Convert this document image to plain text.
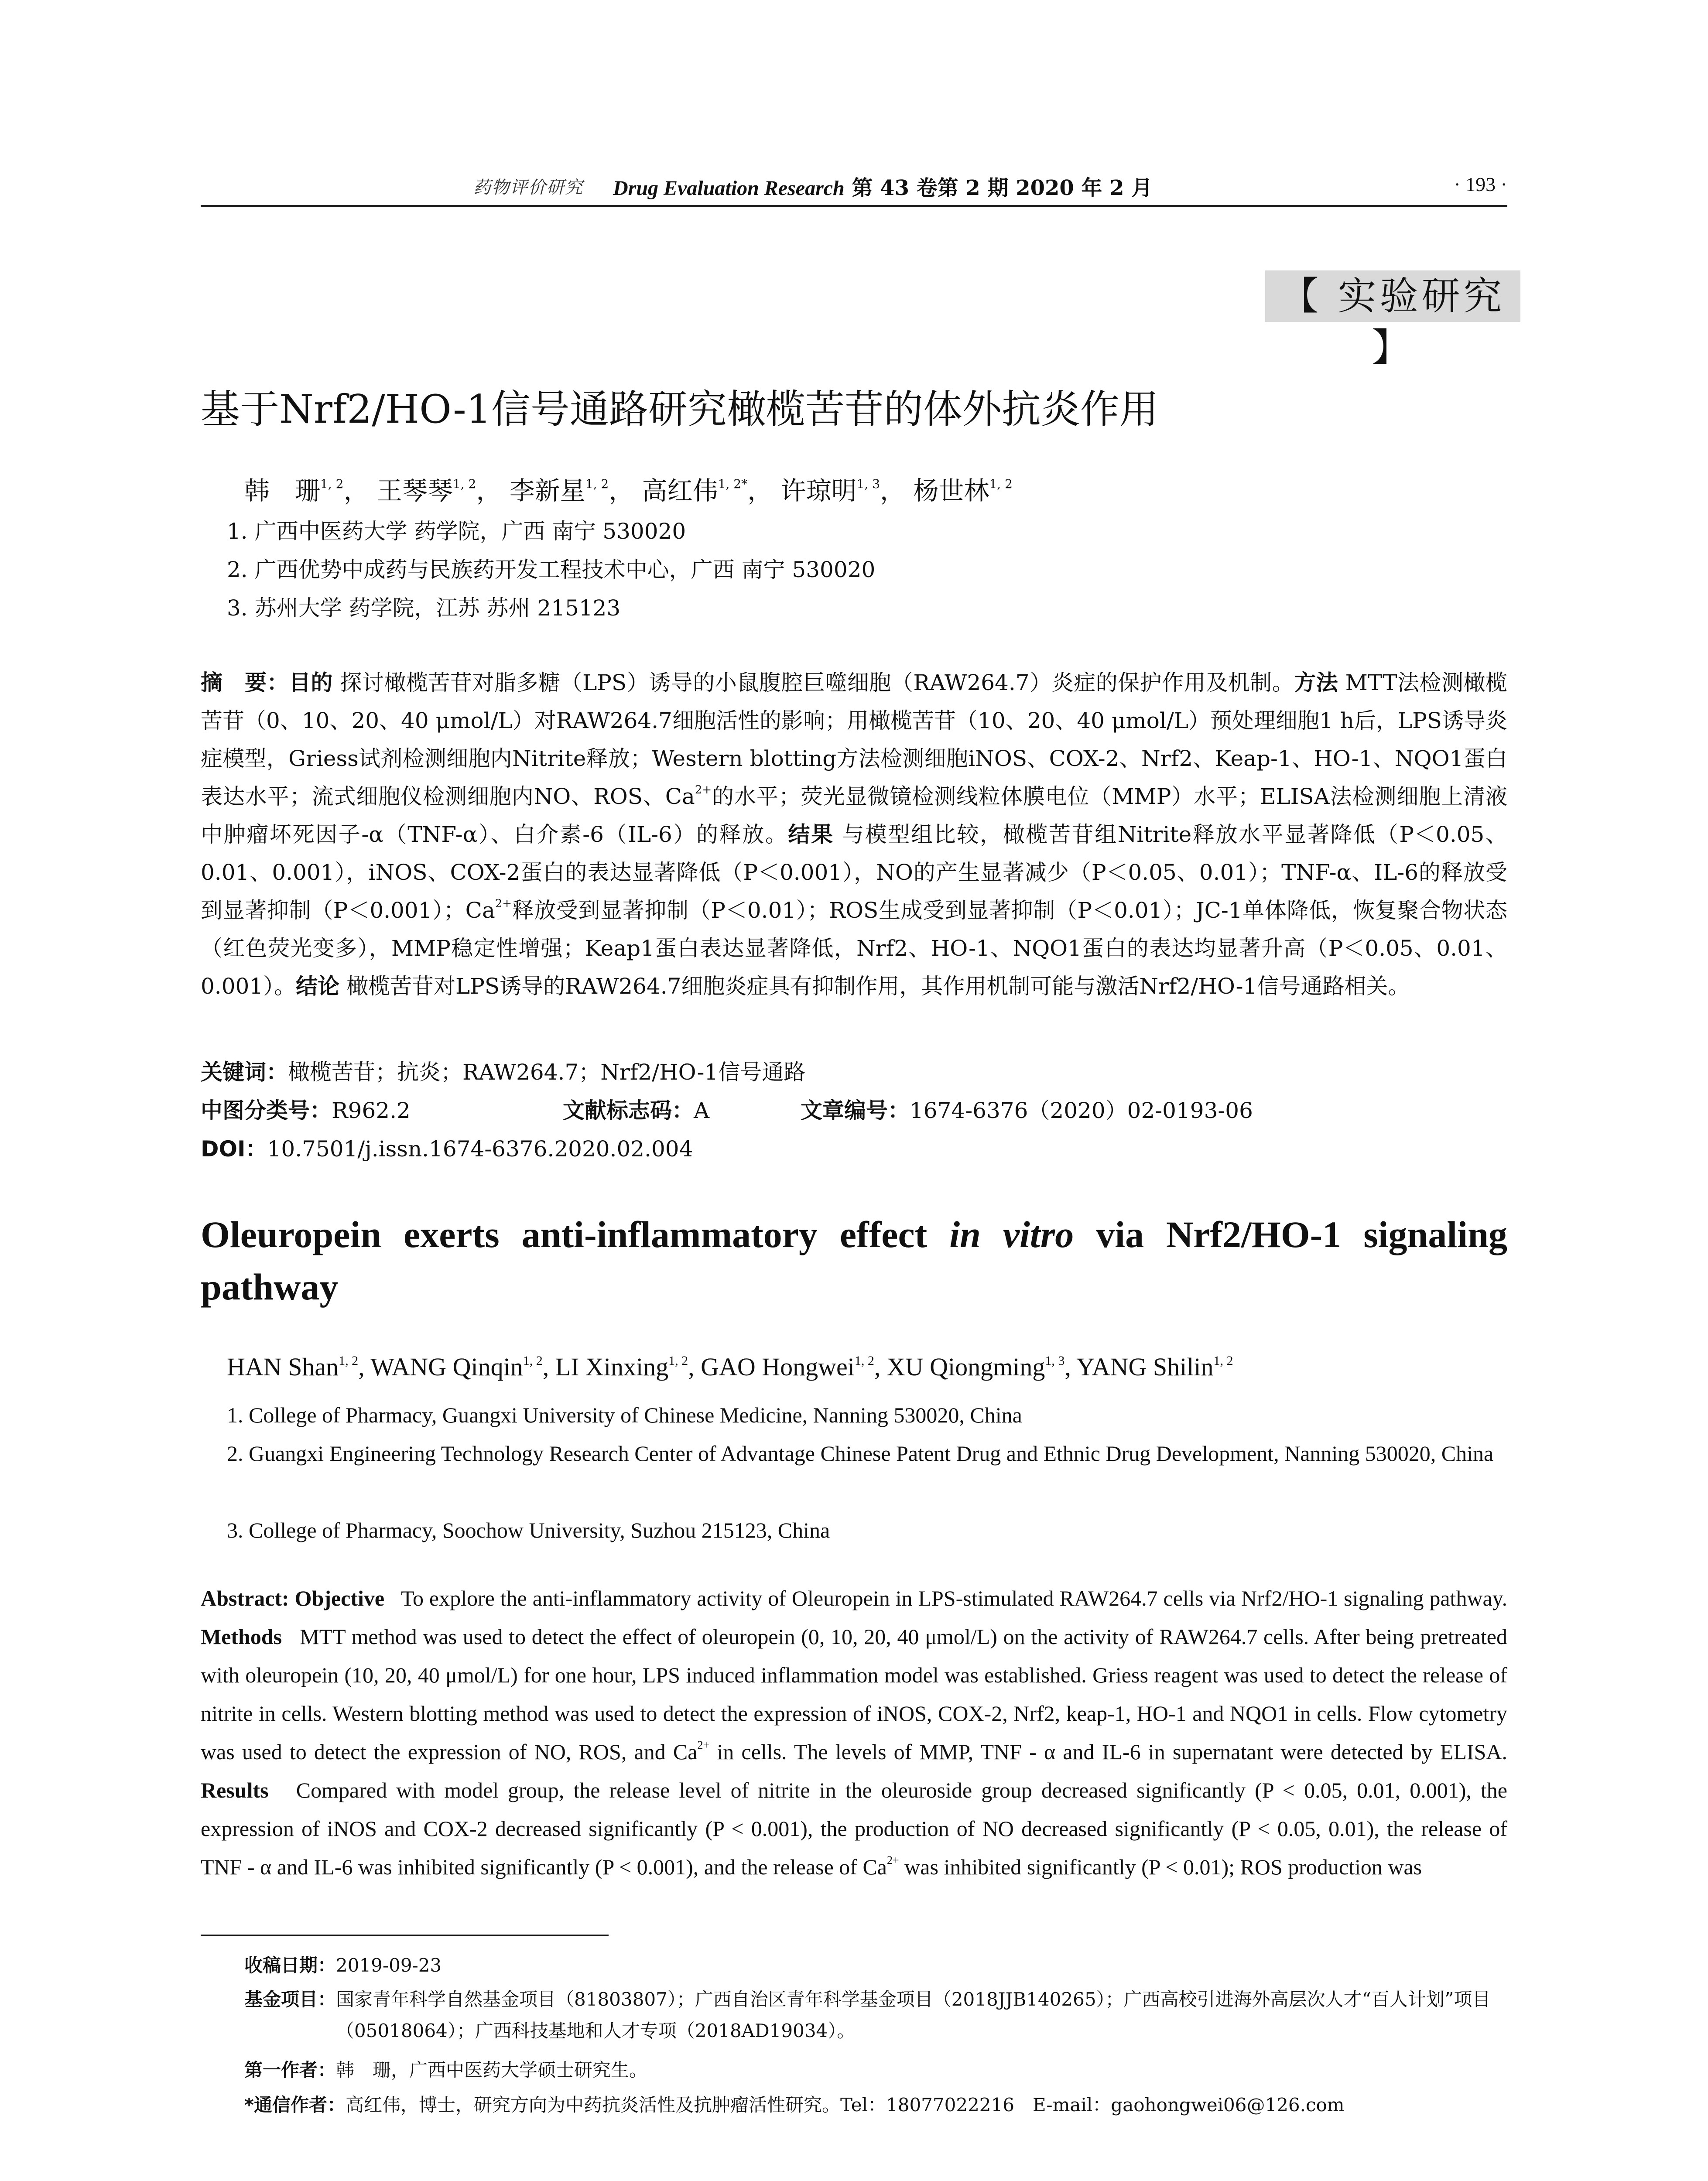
药物评价研究 Drug Evaluation Research 第 43 卷第 2 期 2020 年 2 月	· 193 ·
【 实验研究 】
基于Nrf2/HO-1信号通路研究橄榄苦苷的体外抗炎作用
韩　珊$^{1, 2}$， 王琴琴$^{1, 2}$， 李新星$^{1, 2}$， 高红伟$^{1, 2*}$， 许琼明$^{1, 3}$， 杨世林$^{1, 2}$
1. 广西中医药大学 药学院，广西 南宁 530020
2. 广西优势中成药与民族药开发工程技术中心，广西 南宁 530020
3. 苏州大学 药学院，江苏 苏州 215123
摘　要：目的 探讨橄榄苦苷对脂多糖（LPS）诱导的小鼠腹腔巨噬细胞（RAW264.7）炎症的保护作用及机制。方法 MTT法检测橄榄苦苷（0、10、20、40 μmol/L）对RAW264.7细胞活性的影响；用橄榄苦苷（10、20、40 μmol/L）预处理细胞1 h后，LPS诱导炎症模型，Griess试剂检测细胞内Nitrite释放；Western blotting方法检测细胞iNOS、COX-2、Nrf2、Keap-1、HO-1、NQO1蛋白表达水平；流式细胞仪检测细胞内NO、ROS、$Ca^{2+}$的水平；荧光显微镜检测线粒体膜电位（MMP）水平；ELISA法检测细胞上清液中肿瘤坏死因子-α（TNF-α）、白介素-6（IL-6）的释放。结果 与模型组比较，橄榄苦苷组Nitrite释放水平显著降低（P＜0.05、0.01、0.001），iNOS、COX-2蛋白的表达显著降低（P＜0.001），NO的产生显著减少（P＜0.05、0.01）；TNF-α、IL-6的释放受到显著抑制（P＜0.001）；$Ca^{2+}$释放受到显著抑制（P＜0.01）；ROS生成受到显著抑制（P＜0.01）；JC-1单体降低，恢复聚合物状态（红色荧光变多），MMP稳定性增强；Keap1蛋白表达显著降低，Nrf2、HO-1、NQO1蛋白的表达均显著升高（P＜0.05、0.01、0.001）。结论 橄榄苦苷对LPS诱导的RAW264.7细胞炎症具有抑制作用，其作用机制可能与激活Nrf2/HO-1信号通路相关。
关键词：橄榄苦苷；抗炎；RAW264.7；Nrf2/HO-1信号通路
中图分类号：R962.2	文献标志码：A	文章编号：1674-6376（2020）02-0193-06
DOI：10.7501/j.issn.1674-6376.2020.02.004
Oleuropein exerts anti-inflammatory effect in vitro via Nrf2/HO-1 signaling pathway
HAN Shan$^{1, 2}$, WANG Qinqin$^{1, 2}$, LI Xinxing$^{1, 2}$, GAO Hongwei$^{1, 2}$, XU Qiongming$^{1, 3}$, YANG Shilin$^{1, 2}$
1. College of Pharmacy, Guangxi University of Chinese Medicine, Nanning 530020, China
2. Guangxi Engineering Technology Research Center of Advantage Chinese Patent Drug and Ethnic Drug Development, Nanning 530020, China
3. College of Pharmacy, Soochow University, Suzhou 215123, China
Abstract: Objective To explore the anti-inflammatory activity of Oleuropein in LPS-stimulated RAW264.7 cells via Nrf2/HO-1 signaling pathway. Methods MTT method was used to detect the effect of oleuropein (0, 10, 20, 40 μmol/L) on the activity of RAW264.7 cells. After being pretreated with oleuropein (10, 20, 40 μmol/L) for one hour, LPS induced inflammation model was established. Griess reagent was used to detect the release of nitrite in cells. Western blotting method was used to detect the expression of iNOS, COX-2, Nrf2, keap-1, HO-1 and NQO1 in cells. Flow cytometry was used to detect the expression of NO, ROS, and $Ca^{2+}$ in cells. The levels of MMP, TNF - α and IL-6 in supernatant were detected by ELISA. Results Compared with model group, the release level of nitrite in the oleuroside group decreased significantly (P < 0.05, 0.01, 0.001), the expression of iNOS and COX-2 decreased significantly (P < 0.001), the production of NO decreased significantly (P < 0.05, 0.01), the release of TNF - α and IL-6 was inhibited significantly (P < 0.001), and the release of $Ca^{2+}$ was inhibited significantly (P < 0.01); ROS production was
收稿日期：2019-09-23
基金项目：国家青年科学自然基金项目（81803807）；广西自治区青年科学基金项目（2018JJB140265）；广西高校引进海外高层次人才“百人计划”项目（05018064）；广西科技基地和人才专项（2018AD19034）。
第一作者：韩　珊，广西中医药大学硕士研究生。
*通信作者：高红伟，博士，研究方向为中药抗炎活性及抗肿瘤活性研究。Tel：18077022216　E-mail：gaohongwei06@126.com
